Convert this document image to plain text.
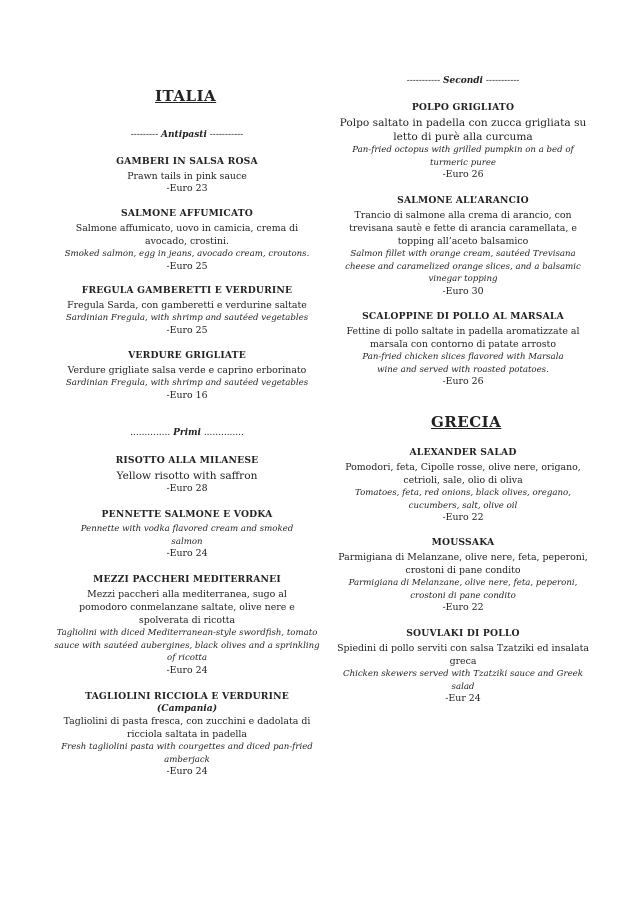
ITALIA
--------- Antipasti -----------
GAMBERI IN SALSA ROSA
Prawn tails in pink sauce
-Euro 23
SALMONE AFFUMICATO
Salmone affumicato, uovo in camicia, crema di avocado, crostini.
Smoked salmon, egg in jeans, avocado cream, croutons.
-Euro 25
FREGULA GAMBERETTI E VERDURINE
Fregula Sarda, con gamberetti e verdurine saltate
Sardinian Fregula, with shrimp and sautéed vegetables
-Euro 25
VERDURE GRIGLIATE
Verdure grigliate salsa verde e caprino erborinato
Sardinian Fregula, with shrimp and sautéed vegetables
-Euro 16
.............. Primi ..............
RISOTTO ALLA MILANESE
Yellow risotto with saffron
-Euro 28
PENNETTE SALMONE E VODKA
Pennette with vodka flavored cream and smoked salmon
-Euro 24
MEZZI PACCHERI MEDITERRANEI
Mezzi paccheri alla mediterranea, sugo al pomodoro conmelanzane saltate, olive nere e spolverata di ricotta
Tagliolini with diced Mediterranean-style swordfish, tomato sauce with sautéed aubergines, black olives and a sprinkling of ricotta
-Euro 24
TAGLIOLINI RICCIOLA E VERDURINE
(Campania)
Tagliolini di pasta fresca, con zucchini e dadolata di ricciola saltata in padella
Fresh tagliolini pasta with courgettes and diced pan-fried amberjack
-Euro 24
----------- Secondi -----------
POLPO GRIGLIATO
Polpo saltato in padella con zucca grigliata su letto di purè alla curcuma
Pan-fried octopus with grilled pumpkin on a bed of turmeric puree
-Euro 26
SALMONE ALL’ARANCIO
Trancio di salmone alla crema di arancio, con trevisana sautè e fette di arancia caramellata, e topping all’aceto balsamico
Salmon fillet with orange cream, sautéed Trevisana cheese and caramelized orange slices, and a balsamic vinegar topping
-Euro 30
SCALOPPINE DI POLLO AL MARSALA
Fettine di pollo saltate in padella aromatizzate al marsala con contorno di patate arrosto
Pan-fried chicken slices flavored with Marsala wine and served with roasted potatoes.
-Euro 26
GRECIA
ALEXANDER SALAD
Pomodori, feta, Cipolle rosse, olive nere, origano, cetrioli, sale, olio di oliva
Tomatoes, feta, red onions, black olives, oregano, cucumbers, salt, olive oil
-Euro 22
MOUSSAKA
Parmigiana di Melanzane, olive nere, feta, peperoni, crostoni di pane condito
Parmigiana di Melanzane, olive nere, feta, peperoni, crostoni di pane condito
-Euro 22
SOUVLAKI DI POLLO
Spiedini di pollo serviti con salsa Tzatziki ed insalata greca
Chicken skewers served with Tzatziki sauce and Greek salad
-Eur 24
